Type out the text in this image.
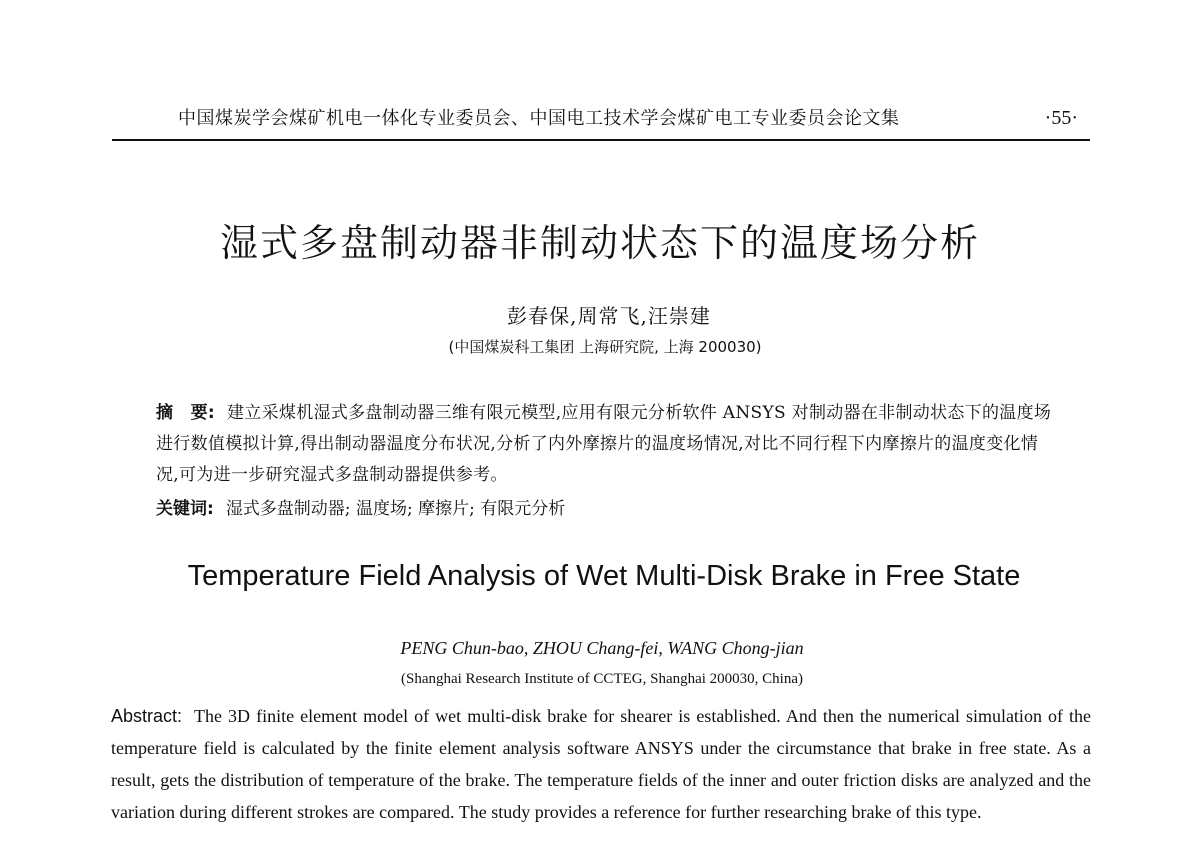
中国煤炭学会煤矿机电一体化专业委员会、中国电工技术学会煤矿电工专业委员会论文集	·55·
湿式多盘制动器非制动状态下的温度场分析
彭春保,周常飞,汪崇建
(中国煤炭科工集团 上海研究院, 上海 200030)
摘　要: 建立采煤机湿式多盘制动器三维有限元模型,应用有限元分析软件 ANSYS 对制动器在非制动状态下的温度场进行数值模拟计算,得出制动器温度分布状况,分析了内外摩擦片的温度场情况,对比不同行程下内摩擦片的温度变化情况,可为进一步研究湿式多盘制动器提供参考。
关键词: 湿式多盘制动器; 温度场; 摩擦片; 有限元分析
Temperature Field Analysis of Wet Multi-Disk Brake in Free State
PENG Chun-bao, ZHOU Chang-fei, WANG Chong-jian
(Shanghai Research Institute of CCTEG, Shanghai 200030, China)
Abstract: The 3D finite element model of wet multi-disk brake for shearer is established. And then the numerical simulation of the temperature field is calculated by the finite element analysis software ANSYS under the circumstance that brake in free state. As a result, gets the distribution of temperature of the brake. The temperature fields of the inner and outer friction disks are analyzed and the variation during different strokes are compared. The study provides a reference for further researching brake of this type.
